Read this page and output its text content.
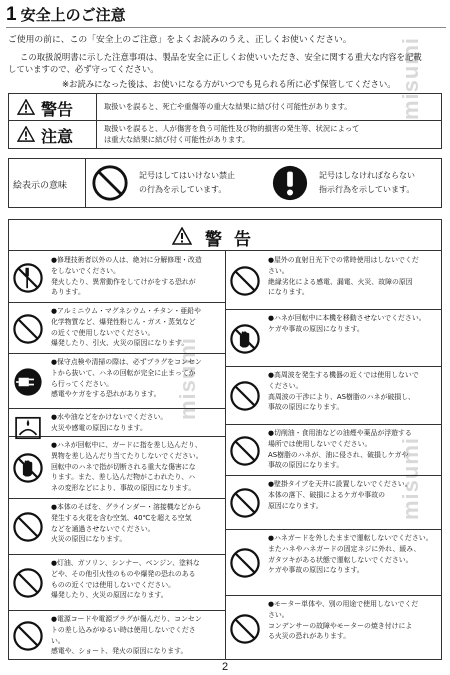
misumi
misumi
misumi
1 安全上のご注意
ご使用の前に、この「安全上のご注意」をよくお読みのうえ、正しくお使いください。
この取扱説明書に示した注意事項は、製品を安全に正しくお使いいただき、安全に関する重大な内容を記載
していますので、必ず守ってください。
※お読みになった後は、お使いになる方がいつでも見られる所に必ず保管してください。
警告	取扱いを誤ると、死亡や重傷等の重大な結果に結び付く可能性があります。
注意	取扱いを誤ると、人が傷害を負う可能性及び物的損害の発生等、状況によって
は重大な結果に結び付く可能性があります。
絵表示の意味
記号はしてはいけない禁止
の行為を示しています。
記号はしなければならない
指示行為を示しています。
警告

●修理技術者以外の人は、絶対に分解修理・改造

をしないでください。

発火したり、異常動作をしてけがをする恐れが

あります。

●アルミニウム・マグネシウム・チタン・亜鉛や

化学物質など、爆発性粉じん・ガス・蒸気など

の近くで使用しないでください。

爆発したり、引火、火災の原因になります。

●保守点検や清掃の際は、必ずプラグをコンセン

トから抜いて、ハネの回転が完全に止まってか

ら行ってください。

感電やケガをする恐れがあります。

●水や油などをかけないでください。

火災や感電の原因になります。

●ハネが回転中に、ガードに指を差し込んだり、

異物を差し込んだり当てたりしないでください。

回転中のハネで指が切断される重大な傷害にな

ります。また、差し込んだ物がこわれたり、ハ

ネの変形などにより、事故の原因になります。

●本体のそばを、グラインダー・溶接機などから

発生する火花を含む空気、40℃を超える空気

などを通過させないでください。

火災の原因になります。

●灯油、ガソリン、シンナー、ベンジン、塗料な

どや、その他引火性のものや爆発の恐れのある

ものの近くでは使用しないでください。

爆発したり、火災の原因になります。

●電源コードや電源プラグが傷んだり、コンセン

トの差し込みがゆるい時は使用しないでくださ

い。

感電や、ショート、発火の原因になります。

●屋外の直射日光下での常時使用はしないでくだ

さい。

絶縁劣化による感電、漏電、火災、故障の原因

になります。

●ハネが回転中に本機を移動させないでください。

ケガや事故の原因になります。

●高周波を発生する機器の近くでは使用しないで

ください。

高周波の干渉により、AS樹脂のハネが破損し、

事故の原因になります。

●切削油・食用油などの油煙や薬品が浮遊する

場所では使用しないでください。

AS樹脂のハネが、油に侵され、破損しケガや

事故の原因になります。

●壁掛タイプを天井に設置しないでください。

本体の落下、破損によるケガや事故の

原因になります。

●ハネガードを外したままで運転しないでください。

またハネやハネガードの固定ネジに外れ、緩み、

ガタツキがある状態で運転しないでください。

ケガや事故の原因になります。

●モーター単体や、別の用途で使用しないでくだ

さい。

コンデンサーの故障やモーターの焼き付けによ

る火災の恐れがあります。

2
